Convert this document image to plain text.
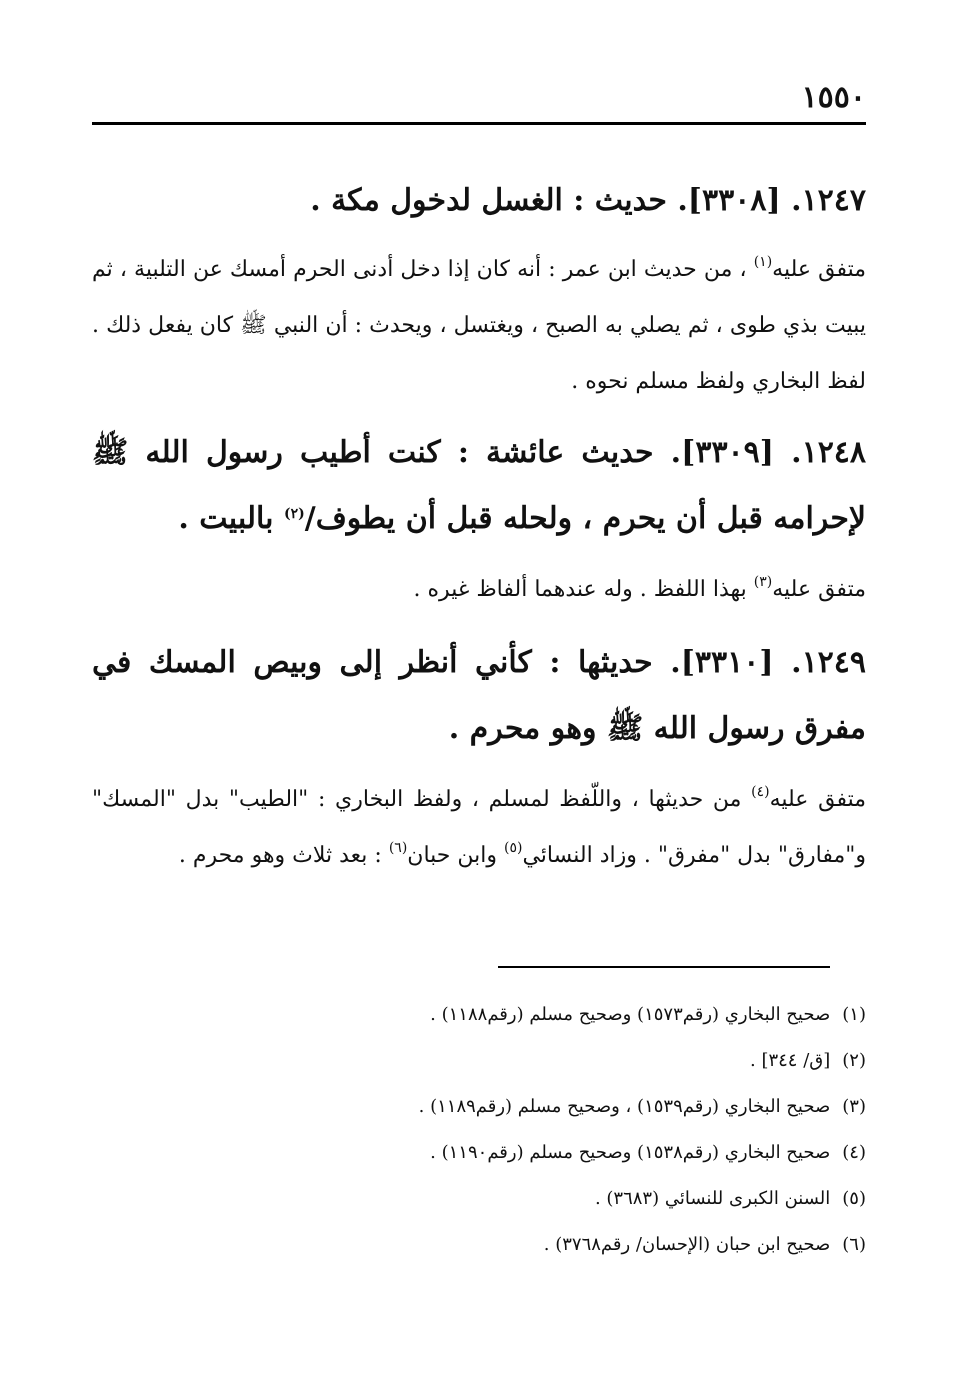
١٥٥٠
١٢٤٧. [٣٣٠٨]. حديث : الغسل لدخول مكة .
متفق عليه$^{(١)}$ ، من حديث ابن عمر : أنه كان إذا دخل أدنى الحرم أمسك عن التلبية ، ثم يبيت بذي طوى ، ثم يصلي به الصبح ، ويغتسل ، ويحدث : أن النبي ﷺ كان يفعل ذلك . لفظ البخاري ولفظ مسلم نحوه .
١٢٤٨. [٣٣٠٩]. حديث عائشة : كنت أطيب رسول الله ﷺ لإحرامه قبل أن يحرم ، ولحله قبل أن يطوف/$^{(٢)}$ بالبيت .
متفق عليه$^{(٣)}$ بهذا اللفظ . وله عندهما ألفاظ غيره .
١٢٤٩. [٣٣١٠]. حديثها : كأني أنظر إلى وبيص المسك في مفرق رسول الله ﷺ وهو محرم .
متفق عليه$^{(٤)}$ من حديثها ، واللّفظ لمسلم ، ولفظ البخاري : "الطيب" بدل "المسك" و"مفارق" بدل "مفرق" . وزاد النسائي$^{(٥)}$ وابن حبان$^{(٦)}$ : بعد ثلاث وهو محرم .
(١)صحيح البخاري (رقم١٥٧٣) وصحيح مسلم (رقم١١٨٨) .
(٢)[ق/ ٣٤٤] .
(٣)صحيح البخاري (رقم١٥٣٩) ، وصحيح مسلم (رقم١١٨٩) .
(٤)صحيح البخاري (رقم١٥٣٨) وصحيح مسلم (رقم١١٩٠) .
(٥)السنن الكبرى للنسائي (٣٦٨٣) .
(٦)صحيح ابن حبان (الإحسان/ رقم٣٧٦٨) .
